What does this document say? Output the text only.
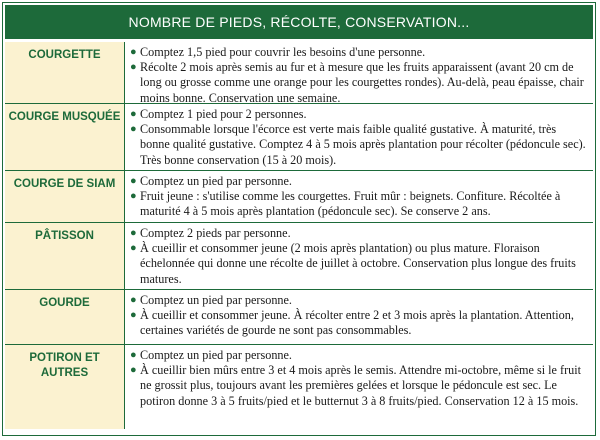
NOMBRE DE PIEDS, RÉCOLTE, CONSERVATION...
COURGETTE	● Comptez 1,5 pied pour couvrir les besoins d'une personne.
● Récolte 2 mois après semis au fur et à mesure que les fruits apparaissent (avant 20 cm de long ou grosse comme une orange pour les courgettes rondes). Au-delà, peau épaisse, chair moins bonne. Conservation une semaine.
COURGE MUSQUÉE ● Comptez 1 pied pour 2 personnes.
● Consommable lorsque l'écorce est verte mais faible qualité gustative. À maturité, très bonne qualité gustative. Comptez 4 à 5 mois après plantation pour récolter (pédoncule sec). Très bonne conservation (15 à 20 mois).
COURGE DE SIAM	● Comptez un pied par personne.
● Fruit jeune : s'utilise comme les courgettes. Fruit mûr : beignets. Confiture. Récoltée à maturité 4 à 5 mois après plantation (pédoncule sec). Se conserve 2 ans.
PÂTISSON	● Comptez 2 pieds par personne.
● À cueillir et consommer jeune (2 mois après plantation) ou plus mature. Floraison échelonnée qui donne une récolte de juillet à octobre. Conservation plus longue des fruits matures.
GOURDE	● Comptez un pied par personne.
● À cueillir et consommer jeune. À récolter entre 2 et 3 mois après la plantation. Attention, certaines variétés de gourde ne sont pas consommables.
POTIRON ET AUTRES
● Comptez un pied par personne.
● À cueillir bien mûrs entre 3 et 4 mois après le semis. Attendre mi-octobre, même si le fruit ne grossit plus, toujours avant les premières gelées et lorsque le pédoncule est sec. Le potiron donne 3 à 5 fruits/pied et le butternut 3 à 8 fruits/pied. Conservation 12 à 15 mois.
